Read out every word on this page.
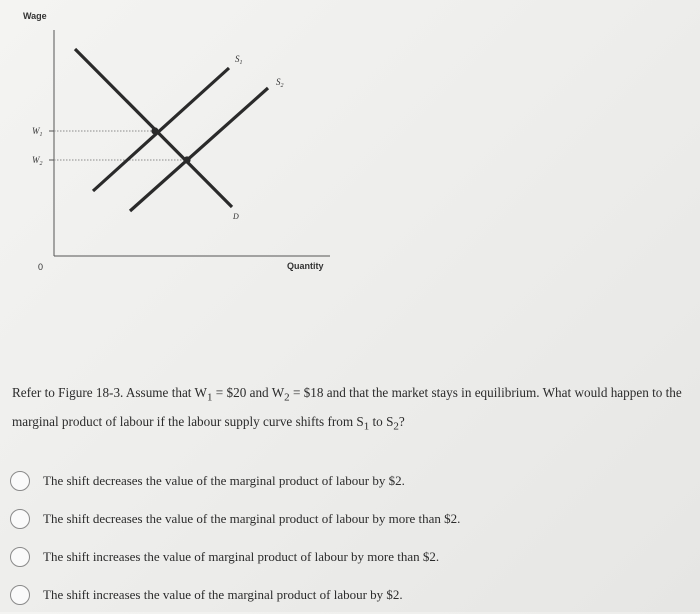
Wage
Quantity
0
$W_1$
$W_2$
$S_1$
$S_2$
D
Refer to Figure 18-3. Assume that $W_1$ = $20 and $W_2$ = $18 and that the market stays in equilibrium. What would happen to the marginal product of labour if the labour supply curve shifts from $S_1$ to $S_2$?
The shift decreases the value of the marginal product of labour by $2.
The shift decreases the value of the marginal product of labour by more than $2.
The shift increases the value of marginal product of labour by more than $2.
The shift increases the value of the marginal product of labour by $2.
